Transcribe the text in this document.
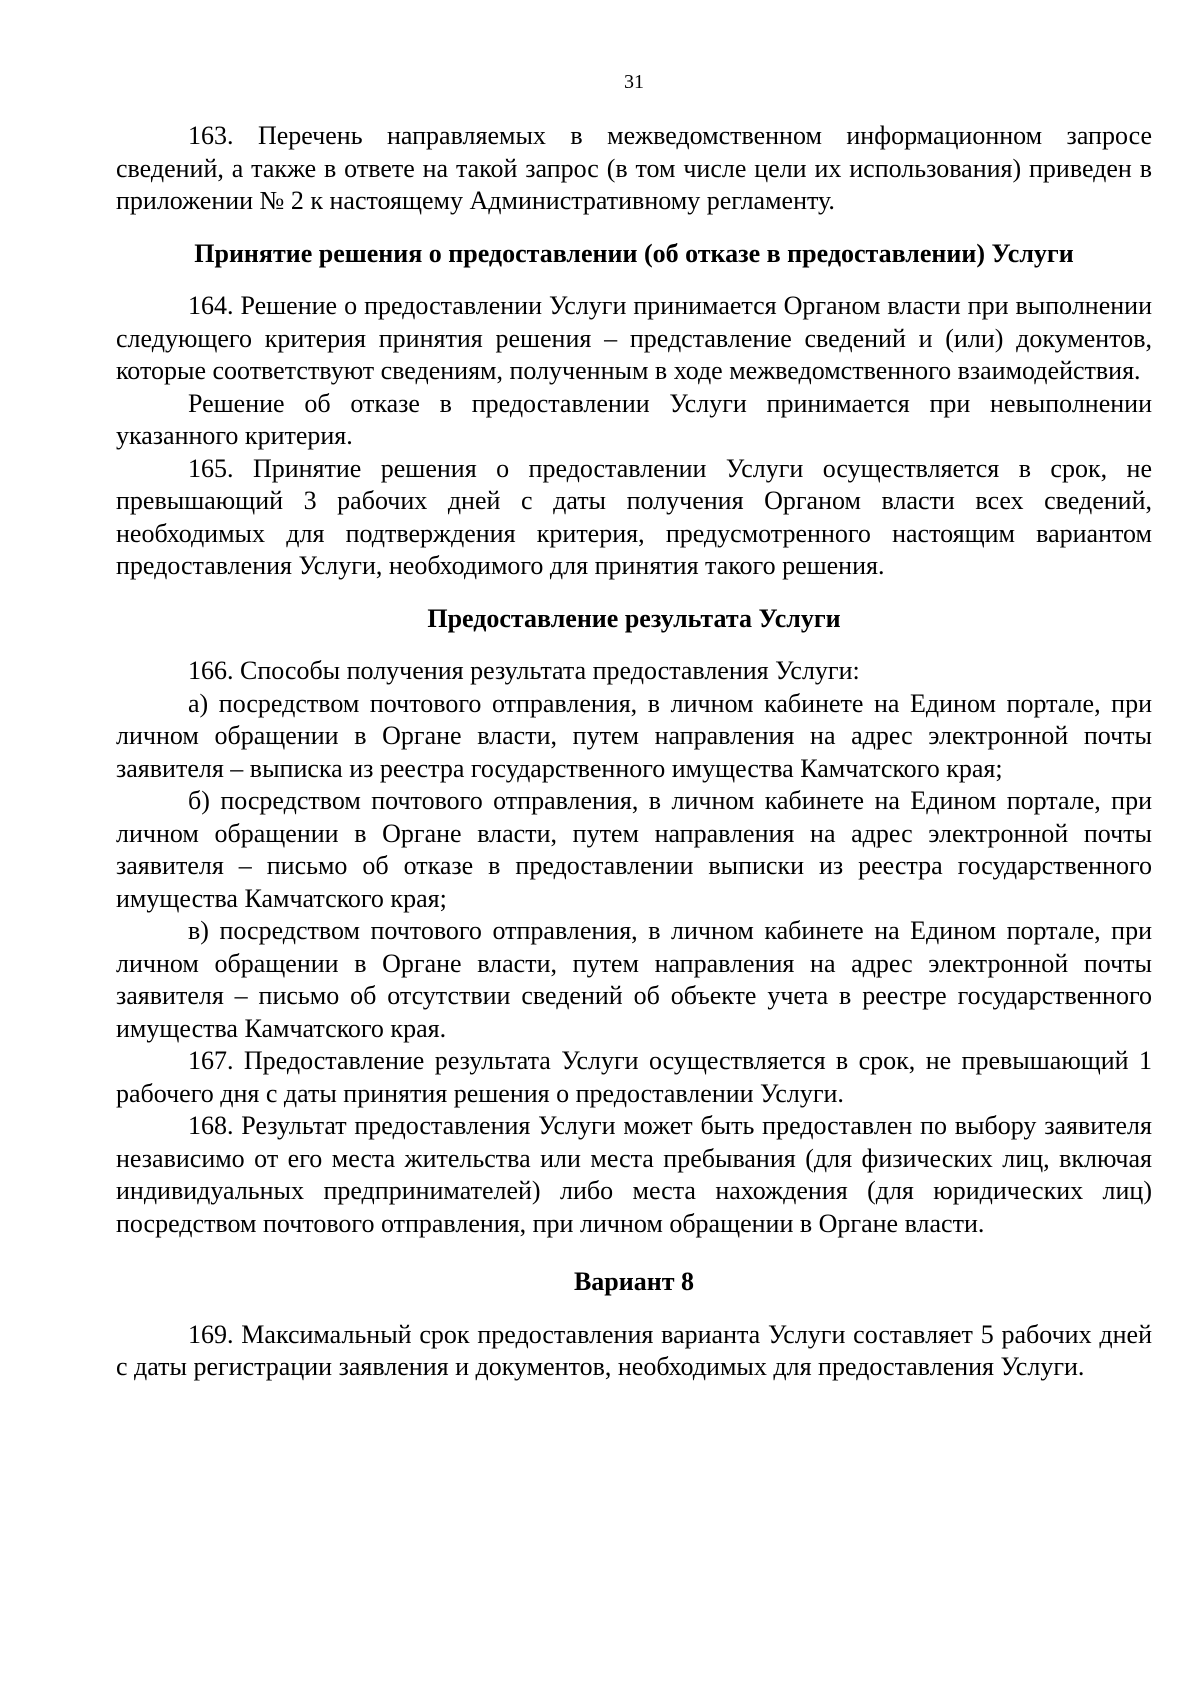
31

163. Перечень направляемых в межведомственном информационном запросе сведений, а также в ответе на такой запрос (в том числе цели их использования) приведен в приложении № 2 к настоящему Административному регламенту.

Принятие решения о предоставлении (об отказе в предоставлении) Услуги

164. Решение о предоставлении Услуги принимается Органом власти при выполнении следующего критерия принятия решения – представление сведений и (или) документов, которые соответствуют сведениям, полученным в ходе межведомственного взаимодействия.

Решение об отказе в предоставлении Услуги принимается при невыполнении указанного критерия.

165. Принятие решения о предоставлении Услуги осуществляется в срок, не превышающий 3 рабочих дней с даты получения Органом власти всех сведений, необходимых для подтверждения критерия, предусмотренного настоящим вариантом предоставления Услуги, необходимого для принятия такого решения.

Предоставление результата Услуги

166. Способы получения результата предоставления Услуги:

а) посредством почтового отправления, в личном кабинете на Едином портале, при личном обращении в Органе власти, путем направления на адрес электронной почты заявителя – выписка из реестра государственного имущества Камчатского края;

б) посредством почтового отправления, в личном кабинете на Едином портале, при личном обращении в Органе власти, путем направления на адрес электронной почты заявителя – письмо об отказе в предоставлении выписки из реестра государственного имущества Камчатского края;

в) посредством почтового отправления, в личном кабинете на Едином портале, при личном обращении в Органе власти, путем направления на адрес электронной почты заявителя – письмо об отсутствии сведений об объекте учета в реестре государственного имущества Камчатского края.

167. Предоставление результата Услуги осуществляется в срок, не превышающий 1 рабочего дня с даты принятия решения о предоставлении Услуги.

168. Результат предоставления Услуги может быть предоставлен по выбору заявителя независимо от его места жительства или места пребывания (для физических лиц, включая индивидуальных предпринимателей) либо места нахождения (для юридических лиц) посредством почтового отправления, при личном обращении в Органе власти.

Вариант 8

169. Максимальный срок предоставления варианта Услуги составляет 5 рабочих дней с даты регистрации заявления и документов, необходимых для предоставления Услуги.
